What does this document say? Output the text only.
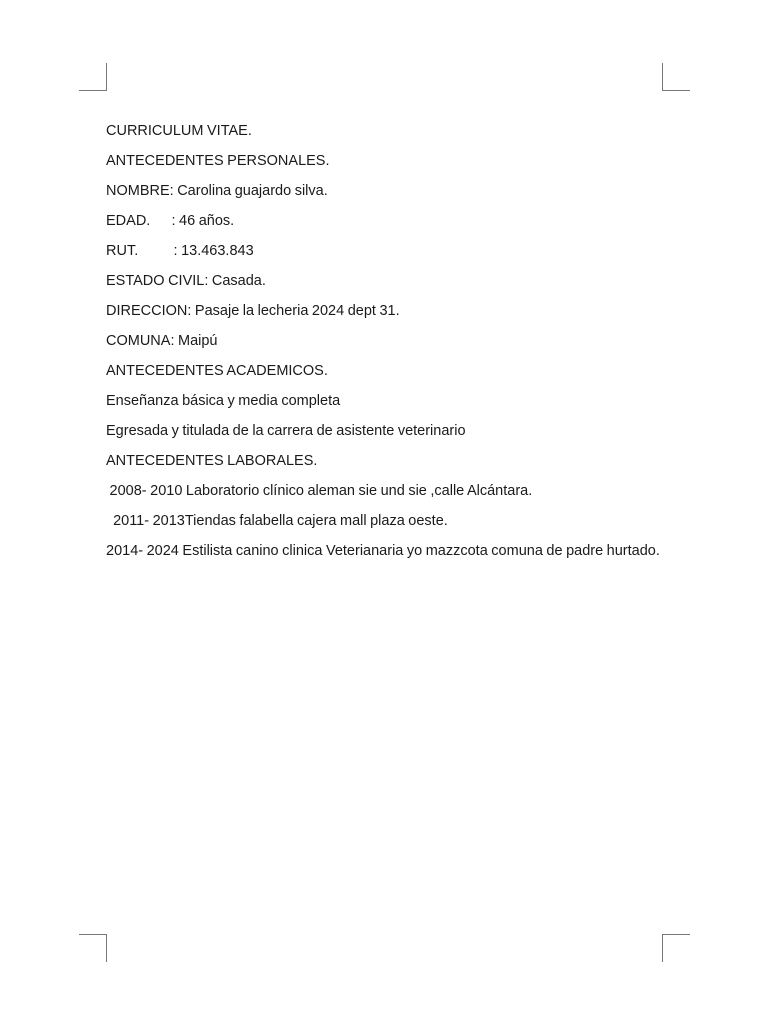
CURRICULUM VITAE.

ANTECEDENTES PERSONALES.

NOMBRE: Carolina guajardo silva.

EDAD.      : 46 años.

RUT.          : 13.463.843

ESTADO CIVIL: Casada.

DIRECCION: Pasaje la lecheria 2024 dept 31.

COMUNA: Maipú

ANTECEDENTES ACADEMICOS.

Enseñanza básica y media completa

Egresada y titulada de la carrera de asistente veterinario

ANTECEDENTES LABORALES.

2008- 2010 Laboratorio clínico aleman sie und sie ,calle Alcántara.

2011- 2013Tiendas falabella cajera mall plaza oeste.

2014- 2024 Estilista canino clinica Veterianaria yo mazzcota comuna de padre hurtado.
